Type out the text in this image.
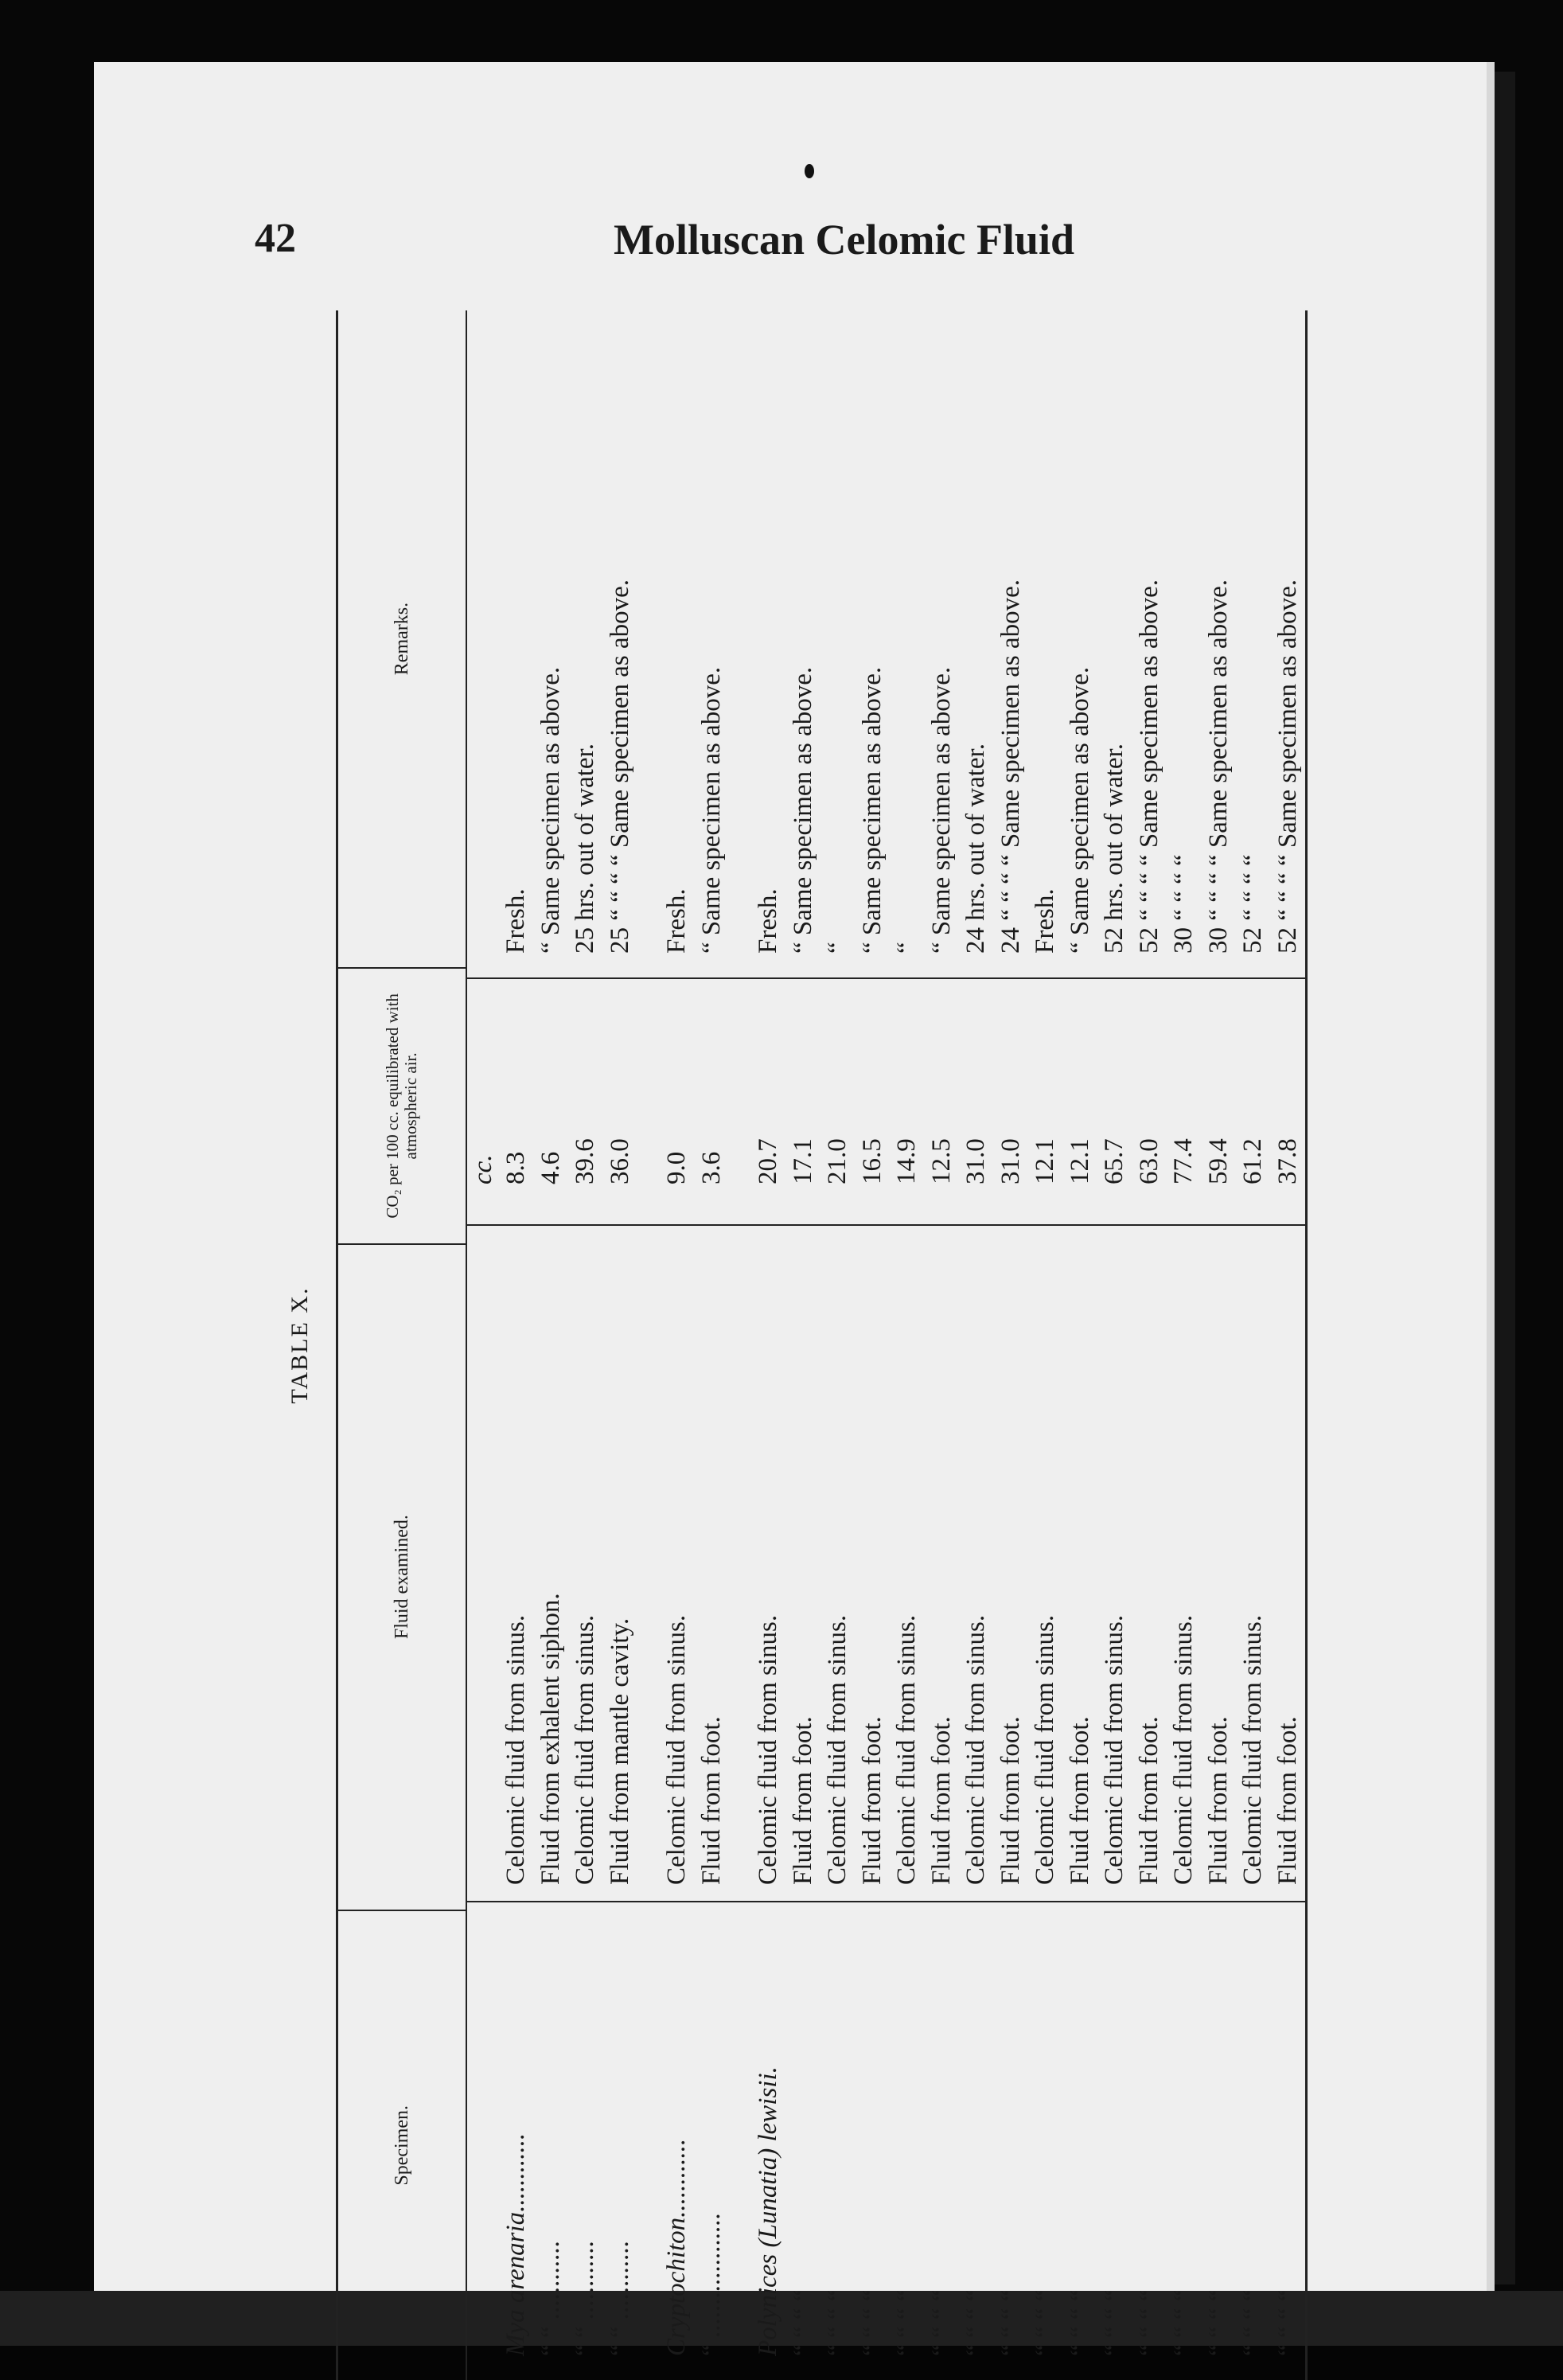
42	Molluscan Celomic Fluid
TABLE X.
Specimen.
Fluid examined.
CO₂ per 100 cc. equilibrated with atmospheric air.
Remarks.
cc.
Mya arenaria............
Celomic fluid from sinus.
8.3
Fresh.
“ “ ............
Fluid from exhalent siphon.
4.6
“ Same specimen as above.
“ “ ............
Celomic fluid from sinus.
39.6
25 hrs. out of water.
“ “ ............
Fluid from mantle cavity.
36.0
25 “ “ “ “ Same specimen as above.
Cryptochiton............
Celomic fluid from sinus.
9.0
Fresh.
“ ...................
Fluid from foot.
3.6
“ Same specimen as above.
Polynices (Lunatia) lewisii.
Celomic fluid from sinus.
20.7
Fresh.
“ “ “ “
Fluid from foot.
17.1
“ Same specimen as above.
“ “ “ “
Celomic fluid from sinus.
21.0
“
“ “ “ “
Fluid from foot.
16.5
“ Same specimen as above.
“ “ “ “
Celomic fluid from sinus.
14.9
“
“ “ “ “
Fluid from foot.
12.5
“ Same specimen as above.
“ “ “ “
Celomic fluid from sinus.
31.0
24 hrs. out of water.
“ “ “ “
Fluid from foot.
31.0
24 “ “ “ “ Same specimen as above.
“ “ “ “
Celomic fluid from sinus.
12.1
Fresh.
“ “ “ “
Fluid from foot.
12.1
“ Same specimen as above.
“ “ “ “
Celomic fluid from sinus.
65.7
52 hrs. out of water.
“ “ “ “
Fluid from foot.
63.0
52 “ “ “ “ Same specimen as above.
“ “ “ “
Celomic fluid from sinus.
77.4
30 “ “ “ “
“ “ “ “
Fluid from foot.
59.4
30 “ “ “ “ Same specimen as above.
“ “ “ “
Celomic fluid from sinus.
61.2
52 “ “ “ “
“ “ “ “
Fluid from foot.
37.8
52 “ “ “ “ Same specimen as above.
